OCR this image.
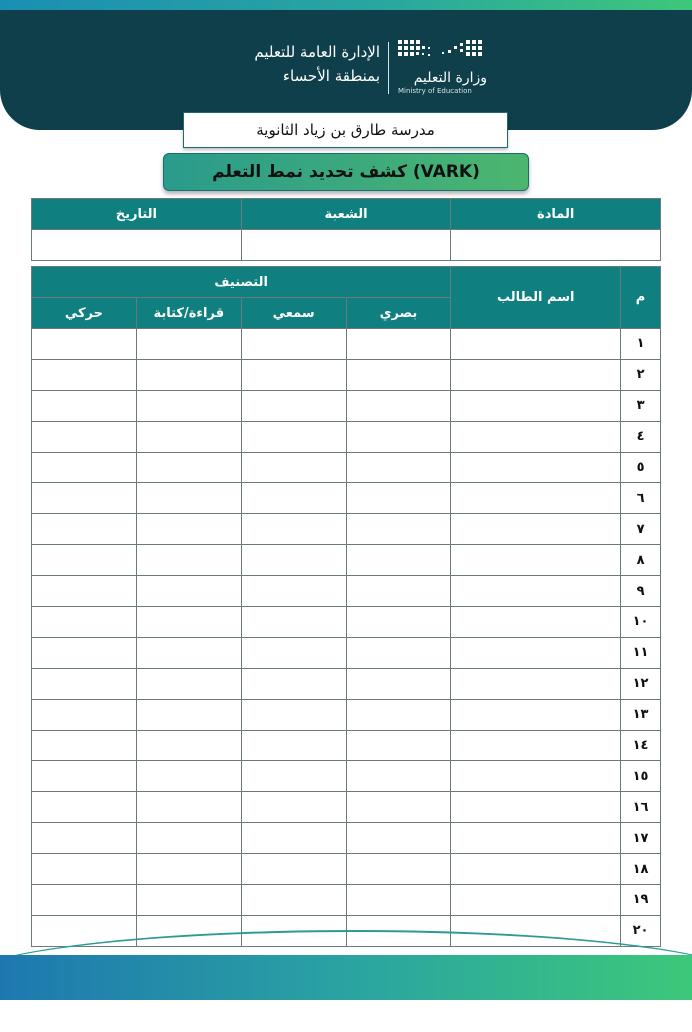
وزارة التعليم
Ministry of Education
الإدارة العامة للتعليم
بمنطقة الأحساء
مدرسة طارق بن زياد الثانوية
كشف تحديد نمط التعلم (VARK)
المادة	الشعبة	التاريخ

م	اسم الطالب	التصنيف			
		بصري	سمعي	قراءة/كتابة	حركي
١					
٢					
٣					
٤					
٥					
٦					
٧					
٨					
٩					
١٠					
١١					
١٢					
١٣					
١٤					
١٥					
١٦					
١٧					
١٨					
١٩					
٢٠					
